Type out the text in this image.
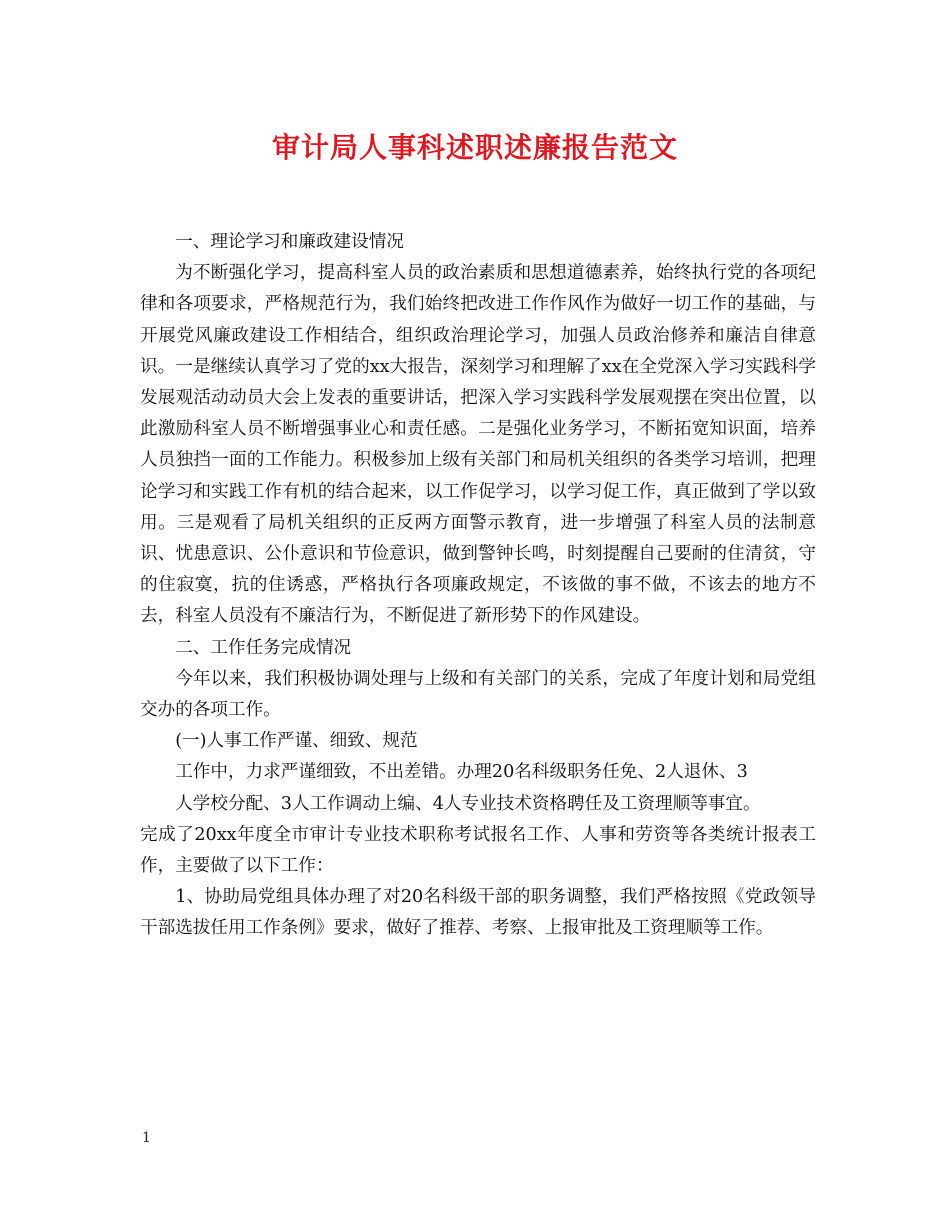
审计局人事科述职述廉报告范文

一、理论学习和廉政建设情况

为不断强化学习，提高科室人员的政治素质和思想道德素养，始终执行党的各项纪律和各项要求，严格规范行为，我们始终把改进工作作风作为做好一切工作的基础，与开展党风廉政建设工作相结合，组织政治理论学习，加强人员政治修养和廉洁自律意识。一是继续认真学习了党的xx大报告，深刻学习和理解了xx在全党深入学习实践科学发展观活动动员大会上发表的重要讲话，把深入学习实践科学发展观摆在突出位置，以此激励科室人员不断增强事业心和责任感。二是强化业务学习，不断拓宽知识面，培养人员独挡一面的工作能力。积极参加上级有关部门和局机关组织的各类学习培训，把理论学习和实践工作有机的结合起来，以工作促学习，以学习促工作，真正做到了学以致用。三是观看了局机关组织的正反两方面警示教育，进一步增强了科室人员的法制意识、忧患意识、公仆意识和节俭意识，做到警钟长鸣，时刻提醒自己要耐的住清贫，守的住寂寞，抗的住诱惑，严格执行各项廉政规定，不该做的事不做，不该去的地方不去，科室人员没有不廉洁行为，不断促进了新形势下的作风建设。

二、工作任务完成情况

今年以来，我们积极协调处理与上级和有关部门的关系，完成了年度计划和局党组交办的各项工作。

(一)人事工作严谨、细致、规范

工作中，力求严谨细致，不出差错。办理20名科级职务任免、2人退休、3

人学校分配、3人工作调动上编、4人专业技术资格聘任及工资理顺等事宜。

完成了20xx年度全市审计专业技术职称考试报名工作、人事和劳资等各类统计报表工作，主要做了以下工作：

1、协助局党组具体办理了对20名科级干部的职务调整，我们严格按照《党政领导干部选拔任用工作条例》要求，做好了推荐、考察、上报审批及工资理顺等工作。

1
